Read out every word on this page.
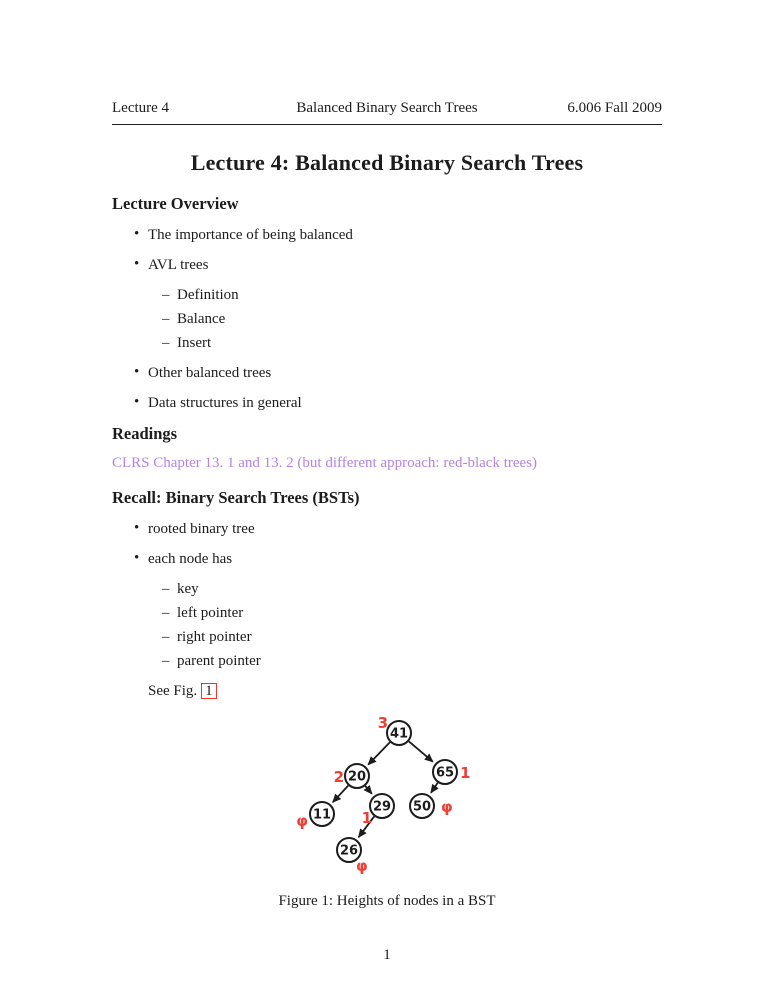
Lecture 4	Balanced Binary Search Trees	6.006 Fall 2009
Lecture 4: Balanced Binary Search Trees
Lecture Overview
• The importance of being balanced
• AVL trees
– Definition
– Balance
– Insert
• Other balanced trees
• Data structures in general
Readings
CLRS Chapter 13. 1 and 13. 2 (but different approach: red-black trees)
Recall: Binary Search Trees (BSTs)
• rooted binary tree
• each node has
– key
– left pointer
– right pointer
– parent pointer

See Fig. 1

41
3
20
2	65 1
11
φ
29
1
50 φ
26
φ

Figure 1: Heights of nodes in a BST

1
